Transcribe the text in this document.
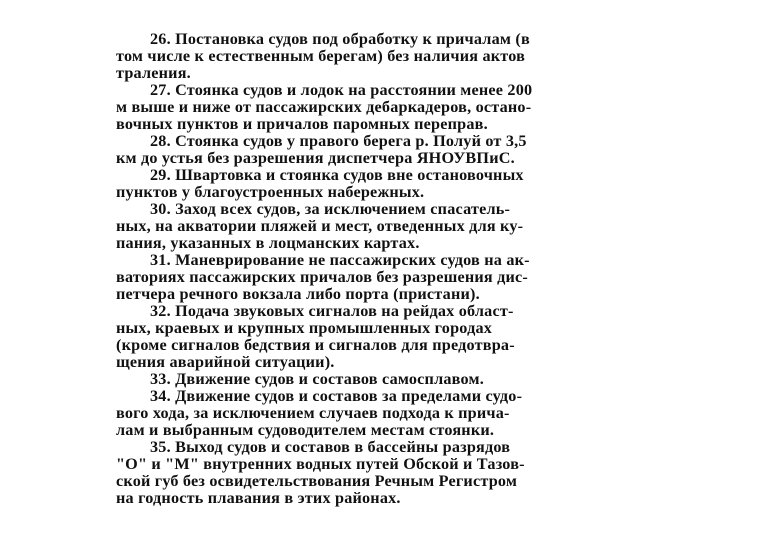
26. Постановка судов под обработку к причалам (в
том числе к естественным берегам) без наличия актов
траления.
27. Стоянка судов и лодок на расстоянии менее 200
м выше и ниже от пассажирских дебаркадеров, остано-
вочных пунктов и причалов паромных переправ.
28. Стоянка судов у правого берега р. Полуй от 3,5
км до устья без разрешения диспетчера ЯНОУВПиС.
29. Швартовка и стоянка судов вне остановочных
пунктов у благоустроенных набережных.
30. Заход всех судов, за исключением спасатель-
ных, на акватории пляжей и мест, отведенных для ку-
пания, указанных в лоцманских картах.
31. Маневрирование не пассажирских судов на ак-
ваториях пассажирских причалов без разрешения дис-
петчера речного вокзала либо порта (пристани).
32. Подача звуковых сигналов на рейдах област-
ных, краевых и крупных промышленных городах
(кроме сигналов бедствия и сигналов для предотвра-
щения аварийной ситуации).
33. Движение судов и составов самосплавом.
34. Движение судов и составов за пределами судо-
вого хода, за исключением случаев подхода к прича-
лам и выбранным судоводителем местам стоянки.
35. Выход судов и составов в бассейны разрядов
"О" и "М" внутренних водных путей Обской и Тазов-
ской губ без освидетельствования Речным Регистром
на годность плавания в этих районах.
